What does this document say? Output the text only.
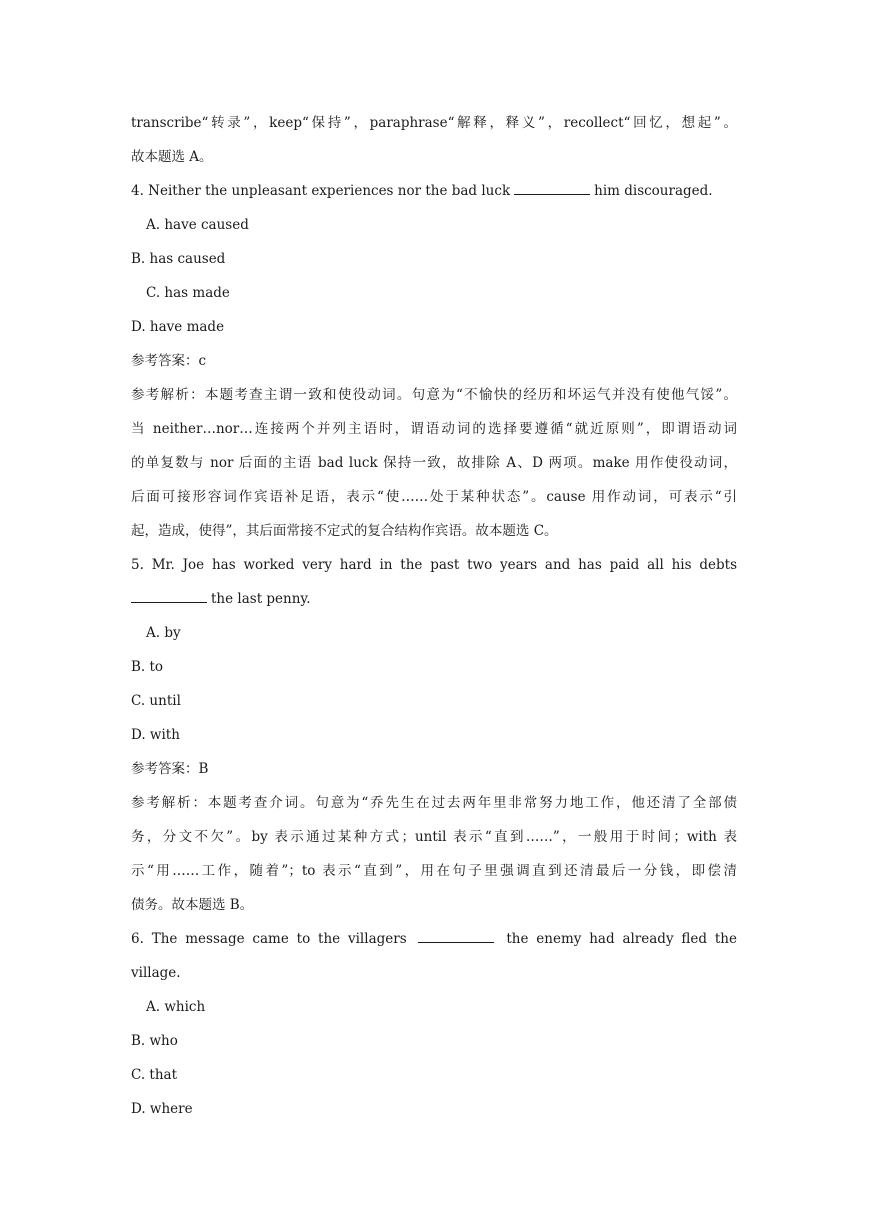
transcribe“转录”，keep“保持”，paraphrase“解释，释义”，recollect“回忆，想起”。
故本题选 A。
4. Neither the unpleasant experiences nor the bad luck	him discouraged.
A. have caused
B. has caused
C. has made
D. have made
参考答案：c
参考解析：本题考查主谓一致和使役动词。句意为“不愉快的经历和坏运气并没有使他气馁”。
当 neither…nor…连接两个并列主语时，谓语动词的选择要遵循“就近原则”，即谓语动词
的单复数与 nor 后面的主语 bad luck 保持一致，故排除 A、D 两项。make 用作使役动词，
后面可接形容词作宾语补足语，表示“使……处于某种状态”。cause 用作动词，可表示“引
起，造成，使得”，其后面常接不定式的复合结构作宾语。故本题选 C。
5. Mr. Joe has worked very hard in the past two years and has paid all his debts
the last penny.
A. by
B. to
C. until
D. with
参考答案：B
参考解析：本题考查介词。句意为“乔先生在过去两年里非常努力地工作，他还清了全部债
务，分文不欠”。by 表示通过某种方式；until 表示“直到……”，一般用于时间；with 表
示“用……工作，随着”；to 表示“直到”，用在句子里强调直到还清最后一分钱，即偿清
债务。故本题选 B。
6. The message came to the villagers	the enemy had already fled the
village.
A. which
B. who
C. that
D. where
